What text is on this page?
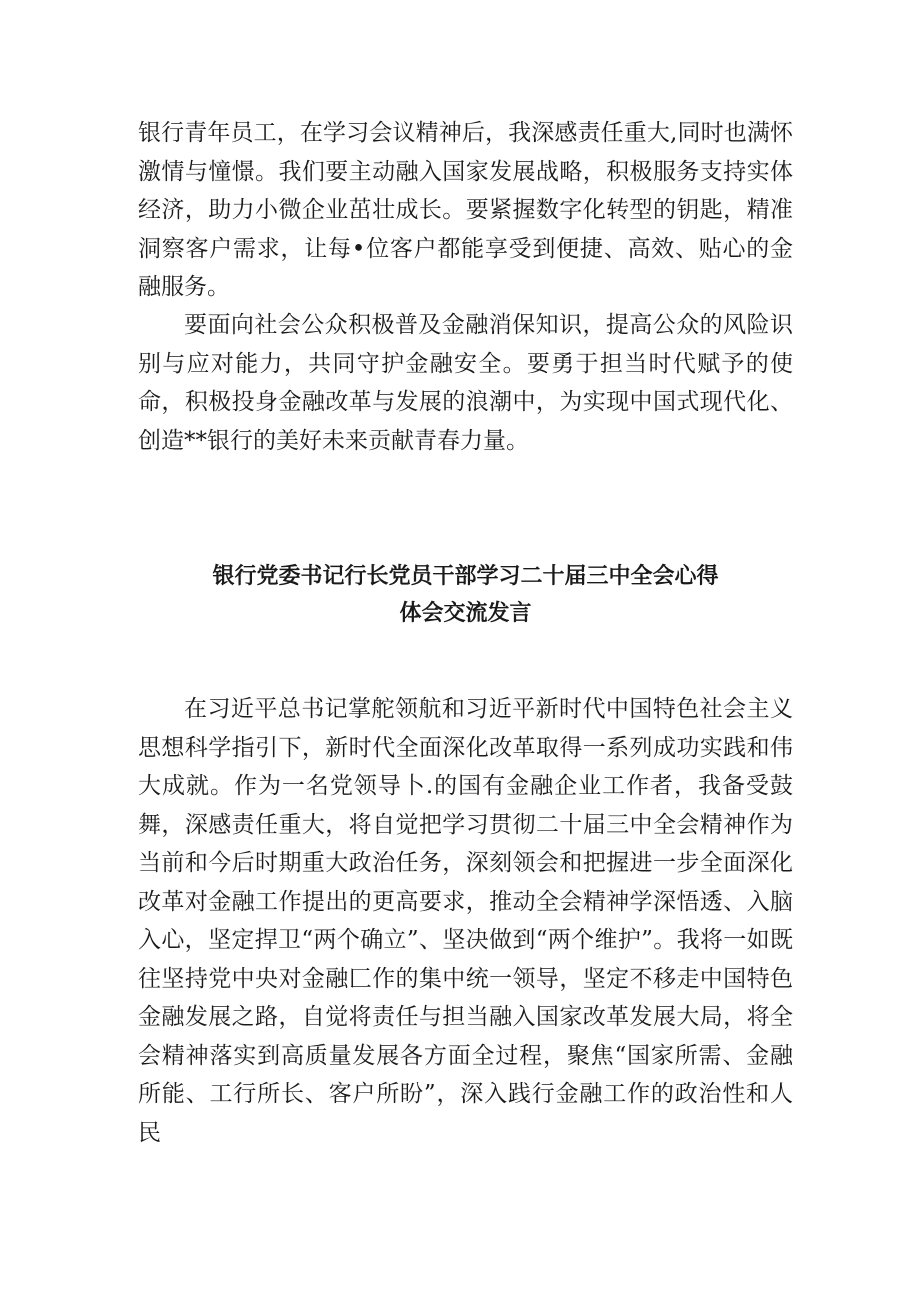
银行青年员工，在学习会议精神后，我深感责任重大,同时也满怀激情与憧憬。我们要主动融入国家发展战略，积极服务支持实体经济，助力小微企业茁壮成长。要紧握数字化转型的钥匙，精准洞察客户需求，让每•位客户都能享受到便捷、高效、贴心的金融服务。

要面向社会公众积极普及金融消保知识，提高公众的风险识别与应对能力，共同守护金融安全。要勇于担当时代赋予的使命，积极投身金融改革与发展的浪潮中，为实现中国式现代化、创造**银行的美好未来贡献青春力量。

银行党委书记行长党员干部学习二十届三中全会心得
体会交流发言

在习近平总书记掌舵领航和习近平新时代中国特色社会主义思想科学指引下，新时代全面深化改革取得一系列成功实践和伟大成就。作为一名党领导卜.的国有金融企业工作者，我备受鼓舞，深感责任重大，将自觉把学习贯彻二十届三中全会精神作为当前和今后时期重大政治任务，深刻领会和把握进一步全面深化改革对金融工作提出的更高要求，推动全会精神学深悟透、入脑入心，坚定捍卫“两个确立”、坚决做到“两个维护”。我将一如既往坚持党中央对金融匚作的集中统一领导，坚定不移走中国特色金融发展之路，自觉将责任与担当融入国家改革发展大局，将全会精神落实到高质量发展各方面全过程，聚焦“国家所需、金融所能、工行所长、客户所盼”，深入践行金融工作的政治性和人民
